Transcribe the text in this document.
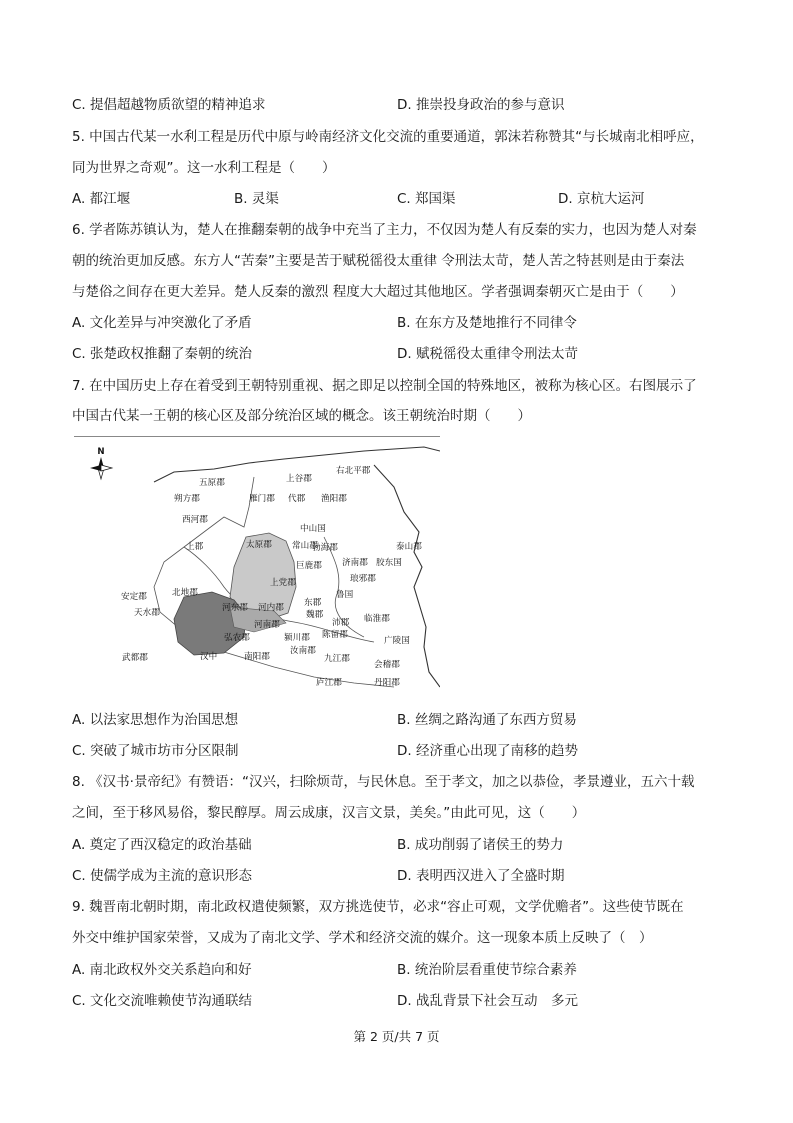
C. 提倡超越物质欲望的精神追求	D. 推崇投身政治的参与意识
5. 中国古代某一水利工程是历代中原与岭南经济文化交流的重要通道，郭沫若称赞其“与长城南北相呼应，
同为世界之奇观”。这一水利工程是（　　）
A. 都江堰	B. 灵渠	C. 郑国渠	D. 京杭大运河
6. 学者陈苏镇认为，楚人在推翻秦朝的战争中充当了主力，不仅因为楚人有反秦的实力，也因为楚人对秦
朝的统治更加反感。东方人“苦秦”主要是苦于赋税徭役太重律 令刑法太苛，楚人苦之特甚则是由于秦法
与楚俗之间存在更大差异。楚人反秦的激烈 程度大大超过其他地区。学者强调秦朝灭亡是由于（　　）
A. 文化差异与冲突激化了矛盾	B. 在东方及楚地推行不同律令
C. 张楚政权推翻了秦朝的统治	D. 赋税徭役太重律令刑法太苛
7. 在中国历史上存在着受到王朝特别重视、据之即足以控制全国的特殊地区，被称为核心区。右图展示了
中国古代某一王朝的核心区及部分统治区域的概念。该王朝统治时期（　　）
N
五原郡
朔方郡
西河郡
上郡
北地郡
安定郡
天水郡
武都郡
太原郡
上党郡
河东郡 河内郡
河南郡
弘农郡	颍川郡
南阳郡
汉中
上谷郡
雁门郡 代郡 渔阳郡
右北平郡
中山国
常山郡
勃海郡	泰山郡
济南郡 胶东国
琅邪郡
巨鹿郡
鲁国
东郡
魏郡
沛郡
陈留郡
汝南郡
临淮郡
广陵国
九江郡
会稽郡
庐江郡	丹阳郡
A. 以法家思想作为治国思想	B. 丝绸之路沟通了东西方贸易
C. 突破了城市坊市分区限制	D. 经济重心出现了南移的趋势
8. 《汉书·景帝纪》有赞语：“汉兴，扫除烦苛，与民休息。至于孝文，加之以恭俭，孝景遵业，五六十载
之间，至于移风易俗，黎民醇厚。周云成康，汉言文景，美矣。”由此可见，这（　　）
A. 奠定了西汉稳定的政治基础	B. 成功削弱了诸侯王的势力
C. 使儒学成为主流的意识形态	D. 表明西汉进入了全盛时期
9. 魏晋南北朝时期，南北政权遣使频繁，双方挑选使节，必求“容止可观，文学优赡者”。这些使节既在
外交中维护国家荣誉，又成为了南北文学、学术和经济交流的媒介。这一现象本质上反映了（　）
A. 南北政权外交关系趋向和好	B. 统治阶层看重使节综合素养
C. 文化交流唯赖使节沟通联结	D. 战乱背景下社会互动　多元
第 2 页/共 7 页
